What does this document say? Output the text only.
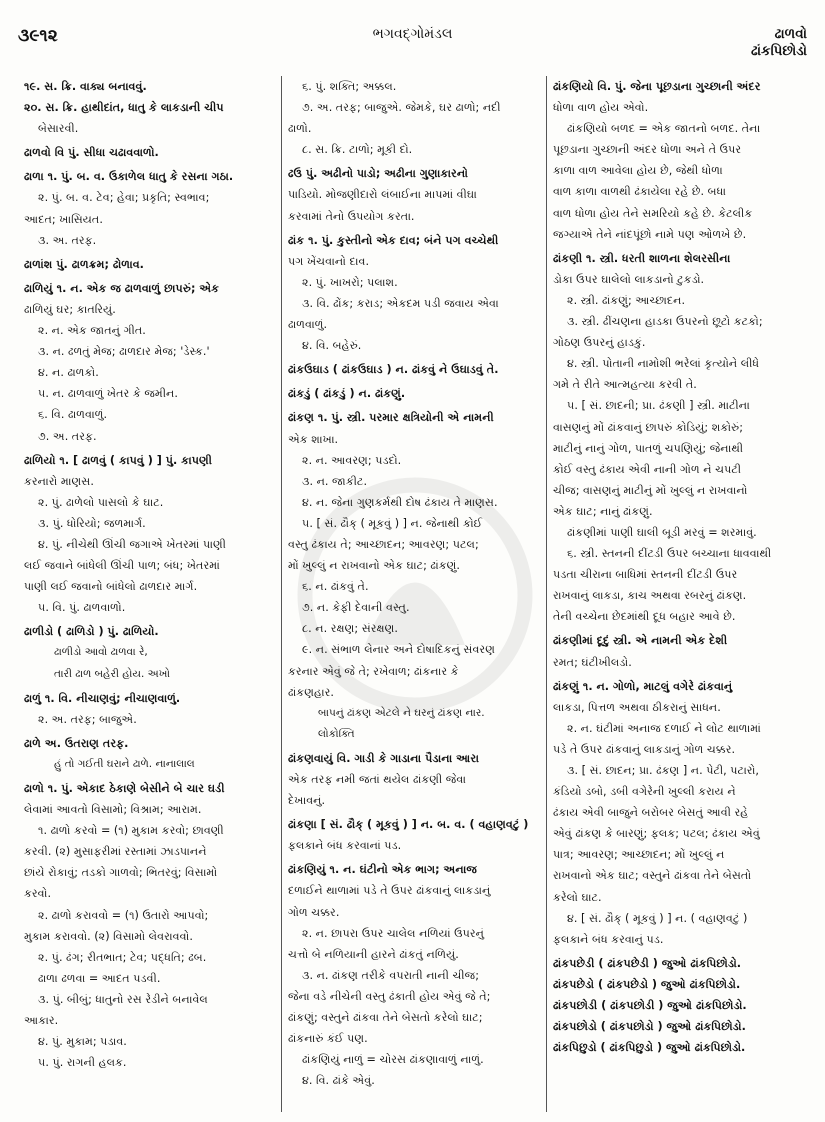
૩૯૧૨	ભગવદ્ગોમંડલ	ઢાળવો
ઢાંકપિછોડો
૧૯. સ. ક્રિ. વાક્ય બનાવવું.
૨૦. સ. ક્રિ. હાથીદાંત, ધાતુ કે લાકડાની ચીપ
બેસારવી.
ઢાળવો વિ પું. સીધા ચઢાવવાળો.
ઢાળા ૧. પું. બ. વ. ઉકાળેલ ધાતુ કે રસના ગઠા.
૨. પું. બ. વ. ટેવ; હેવા; પ્રકૃતિ; સ્વભાવ;
આદત; ખાસિયત.
૩. અ. તરફ.
ઢાળાંશ પું. ઢાળક્રમ; ઢોળાવ.
ઢાળિયું ૧. ન. એક જ ઢાળવાળું છાપરું; એક
ઢાળિયું ઘર; કાતરિયું.
૨. ન. એક જાતનું ગીત.
૩. ન. ઢળતું મેજ; ઢાળદાર મેજ; 'ડેસ્ક.'
૪. ન. ઢાળકો.
૫. ન. ઢાળવાળું ખેતર કે જમીન.
૬. વિ. ઢાળવાળું.
૭. અ. તરફ.
ઢાળિયો ૧. [ ઢાળવું ( કાપવું ) ] પું. કાપણી
કરનારો માણસ.
૨. પું. ઢાળેલો પાસલો કે ઘાટ.
૩. પું. ધોરિયો; જળમાર્ગ.
૪. પું. નીચેથી ઊંચી જગાએ ખેતરમાં પાણી
લઈ જવાને બાંધેલી ઊંચી પાળ; બંધ; ખેતરમાં
પાણી લઈ જવાનો બાંધેલો ઢાળદાર માર્ગ.
૫. વિ. પું. ઢાળવાળો.
ઢાળીડો ( ઢાળિડો ) પું. ઢાળિયો.
ઢાળીડો આવો ઢાળવા રે,
તારી ઢાળ બહેરી હોય. અખો
ઢાળું ૧. વિ. નીચાણવું; નીચાણવાળું.
૨. અ. તરફ; બાજુએ.
ઢાળે અ. ઉતરાણ તરફ.
હું તો ગઈતી ઘરાને ઢાળે. નાનાલાલ
ઢાળો ૧. પું. એકાદ ઠેકાણે બેસીને બે ચાર ઘડી
લેવામાં આવતો વિસામો; વિશ્રામ; આરામ.
૧. ઢાળો કરવો = (૧) મુકામ કરવો; છાવણી
કરવી. (૨) મુસાફરીમાં રસ્તામાં ઝાડપાનને
છાંયે રોકાવું; તડકો ગાળવો; ભિતરવું; વિસામો
કરવો.
૨. ઢાળો કરાવવો = (૧) ઉતારો આપવો;
મુકામ કરાવવો. (૨) વિસામો લેવરાવવો.
૨. પું. ઢંગ; રીતભાત; ટેવ; પદ્ધતિ; ઢબ.
ઢાળા ઢળવા = આદત પડવી.
૩. પું. બીબું; ધાતુનો રસ રેડીને બનાવેલ
આકાર.
૪. પું. મુકામ; પડાવ.
૫. પું. રાગની હલક.
૬. પું. શક્તિ; અક્કલ.
૭. અ. તરફ; બાજુએ. જેમકે, ઘર ઢાળો; નદી
ઢાળો.
૮. સ. ક્રિ. ટાળો; મૂકી દો.
ઢઉ પું. અઢીનો પાડો; અઢીના ગુણાકારનો
પાડિયો. મોજણીદારો લંબાઈના માપમાં વીઘા
કરવામાં તેનો ઉપયોગ કરતા.
ઢાંક ૧. પું. કુસ્તીનો એક દાવ; બંને પગ વચ્ચેથી
પગ ખેંચવાનો દાવ.
૨. પું. ખાખરો; પલાશ.
૩. વિ. ઢોંક; કરાડ; એકદમ પડી જવાય એવા
ઢાળવાળું.
૪. વિ. બહેરું.
ઢાંકઉઘાડ ( ઢાંકઉઘાડ ) ન. ઢાંકવું ને ઉઘાડવું તે.
ઢાંકડું ( ઢાંકડું ) ન. ઢાંકણું.
ઢાંકણ ૧. પું. સ્ત્રી. પરમાર ક્ષત્રિયોની એ નામની
એક શાખા.
૨. ન. આવરણ; પડદો.
૩. ન. જાકીટ.
૪. ન. જેના ગુણકર્મથી દોષ ઢંકાય તે માણસ.
૫. [ સં. ઢૌક્ ( મૂકવું ) ] ન. જેનાથી કોઈ
વસ્તુ ઢંકાય તે; આચ્છાદન; આવરણ; પટલ;
મોં ખુલ્લું ન રાખવાનો એક ઘાટ; ઢાંકણું.
૬. ન. ઢાંકવું તે.
૭. ન. કેફી દેવાની વસ્તુ.
૮. ન. રક્ષણ; સંરક્ષણ.
૯. ન. સંભાળ લેનાર અને દોષાદિકનું સંવરણ
કરનાર એવું જે તે; રખેવાળ; ઢાંકનાર કે
ઢાંકણહાર.
બાપનું ઢાંકણ એટલે ને ઘરનું ઢાંકણ નાર.
લોકોક્તિ
ઢાંકણવાયું વિ. ગાડી કે ગાડાના પૈડાના આરા
એક તરફ નમી જતાં થયેલ ઢાંકણી જેવા
દેખાવનું.
ઢાંકણા [ સં. ઢૌક્ ( મૂકવું ) ] ન. બ. વ. ( વહાણવટું )
ફલકાને બંધ કરવાનાં પડ.
ઢાંકણિયું ૧. ન. ઘંટીનો એક ભાગ; અનાજ
દળાઈને થાળામાં પડે તે ઉપર ઢાંકવાનું લાકડાનું
ગોળ ચક્કર.
૨. ન. છાપરા ઉપર ચાલેલ નળિયાં ઉપરનું
ચત્તો બે નળિયાની હારને ઢાંકતું નળિયું.
૩. ન. ઢાંકણ તરીકે વપરાતી નાની ચીજ;
જેના વડે નીચેની વસ્તુ ઢંકાતી હોય એવું જે તે;
ઢાંકણું; વસ્તુને ઢાંકવા તેને બેસતો કરેલો ઘાટ;
ઢાંકનારું કંઈ પણ.
ઢાંકણિયું નાળું = ચોરસ ઢાંકણાવાળું નાળું.
૪. વિ. ઢાંકે એવું.
ઢાંકણિયો વિ. પું. જેના પૂછડાના ગુચ્છાની અંદર
ધોળા વાળ હોય એવો.
ઢાંકણિયો બળદ = એક જાતનો બળદ. તેના
પૂછડાના ગુચ્છાની અંદર ધોળા અને તે ઉપર
કાળા વાળ આવેલા હોય છે, જેથી ધોળા
વાળ કાળા વાળથી ઢંકાયેલા રહે છે. બધા
વાળ ધોળા હોય તેને સમરિયો કહે છે. કેટલીક
જગ્યાએ તેને નાંદપૂંછો નામે પણ ઓળખે છે.
ઢાંકણી ૧. સ્ત્રી. ધરતી શાળના શેલરસીના
ડોકા ઉપર ઘાલેલો લાકડાનો ટુકડો.
૨. સ્ત્રી. ઢાંકણું; આચ્છાદન.
૩. સ્ત્રી. ઢીંચણના હાડકા ઉપરનો છૂટો કટકો;
ગોઠણ ઉપરનું હાડકું.
૪. સ્ત્રી. પોતાની નામોશી ભરેલાં કૃત્યોને લીધે
ગમે તે રીતે આત્મહત્યા કરવી તે.
૫. [ સં. છાદની; પ્રા. ઢંકણી ] સ્ત્રી. માટીના
વાસણનું મોં ઢાંકવાનું છાપરું કોડિયું; શકોરું;
માટીનું નાનું ગોળ, પાતળું ચપણિયું; જેનાથી
કોઈ વસ્તુ ઢંકાય એવી નાની ગોળ ને ચપટી
ચીજ; વાસણનું માટીનું મોં ખુલ્લું ન રાખવાનો
એક ઘાટ; નાનું ઢાંકણું.
ઢાંકણીમાં પાણી ઘાલી બૂડી મરવું = શરમાવું.
૬. સ્ત્રી. સ્તનની દીંટડી ઉપર બચ્ચાના ધાવવાથી
પડતા ચીરાના બાધિમાં સ્તનની દીંટડી ઉપર
રાખવાનું લાકડા, કાચ અથવા રબરનું ઢાંકણ.
તેની વચ્ચેના છેદમાંથી દૂધ બહાર આવે છે.
ઢાંકણીમાં દૂદું સ્ત્રી. એ નામની એક દેશી
રમત; ઘંટીખીલડો.
ઢાંકણું ૧. ન. ગોળો, માટલું વગેરે ઢાંકવાનું
લાકડા, પિત્તળ અથવા ઠીકરાનું સાધન.
૨. ન. ઘંટીમાં અનાજ દળાઈ ને લોટ થાળામાં
પડે તે ઉપર ઢાંકવાનું લાકડાનું ગોળ ચક્કર.
૩. [ સં. છાદન; પ્રા. ઢંકણ ] ન. પેટી, પટારો,
કંડિયો ડબો, ડબી વગેરેની ખુલ્લી કરાય ને
ઢંકાય એવી બાજુને બરોબર બેસતું આવી રહે
એવું ઢાંકણ કે બારણું; ફલક; પટલ; ઢંકાય એવું
પાત્ર; આવરણ; આચ્છાદન; મોં ખુલ્લું ન
રાખવાનો એક ઘાટ; વસ્તુને ઢાંકવા તેને બેસતો
કરેલો ઘાટ.
૪. [ સં. ઢૌક્ ( મૂકવું ) ] ન. ( વહાણવટું )
ફલકાને બંધ કરવાનું પડ.
ઢાંકપછેડી ( ઢાંકપછેડી ) જુઓ ઢાંકપિછોડો.
ઢાંકપછેડો ( ઢાંકપછેડો ) જુઓ ઢાંકપિછોડો.
ઢાંકપછોડી ( ઢાંકપછોડી ) જુઓ ઢાંકપિછોડો.
ઢાંકપછોડો ( ઢાંકપછોડો ) જુઓ ઢાંકપિછોડો.
ઢાંકપિછુડો ( ઢાંકપિછુડો ) જુઓ ઢાંકપિછોડો.
